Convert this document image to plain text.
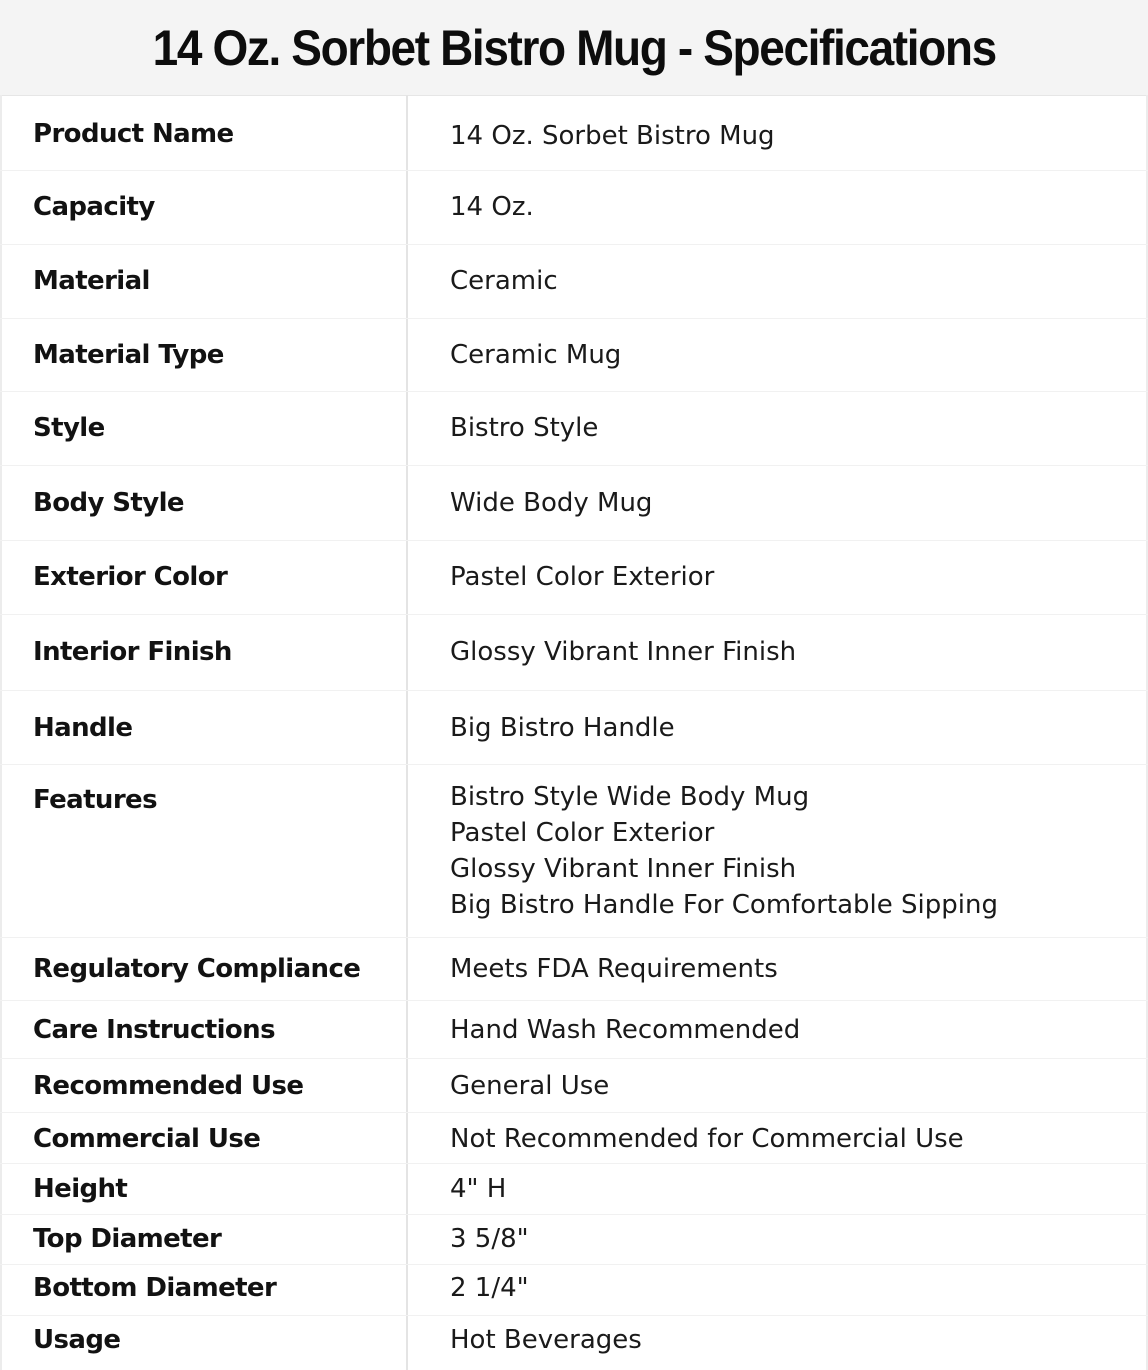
14 Oz. Sorbet Bistro Mug - Specifications
Product Name	14 Oz. Sorbet Bistro Mug
Capacity	14 Oz.
Material	Ceramic
Material Type	Ceramic Mug
Style	Bistro Style
Body Style	Wide Body Mug
Exterior Color	Pastel Color Exterior
Interior Finish	Glossy Vibrant Inner Finish
Handle	Big Bistro Handle
Features	Bistro Style Wide Body Mug
Pastel Color Exterior
Glossy Vibrant Inner Finish
Big Bistro Handle For Comfortable Sipping
Regulatory Compliance	Meets FDA Requirements
Care Instructions	Hand Wash Recommended
Recommended Use	General Use
Commercial Use	Not Recommended for Commercial Use
Height	4" H
Top Diameter	3 5/8"
Bottom Diameter	2 1/4"
Usage	Hot Beverages
